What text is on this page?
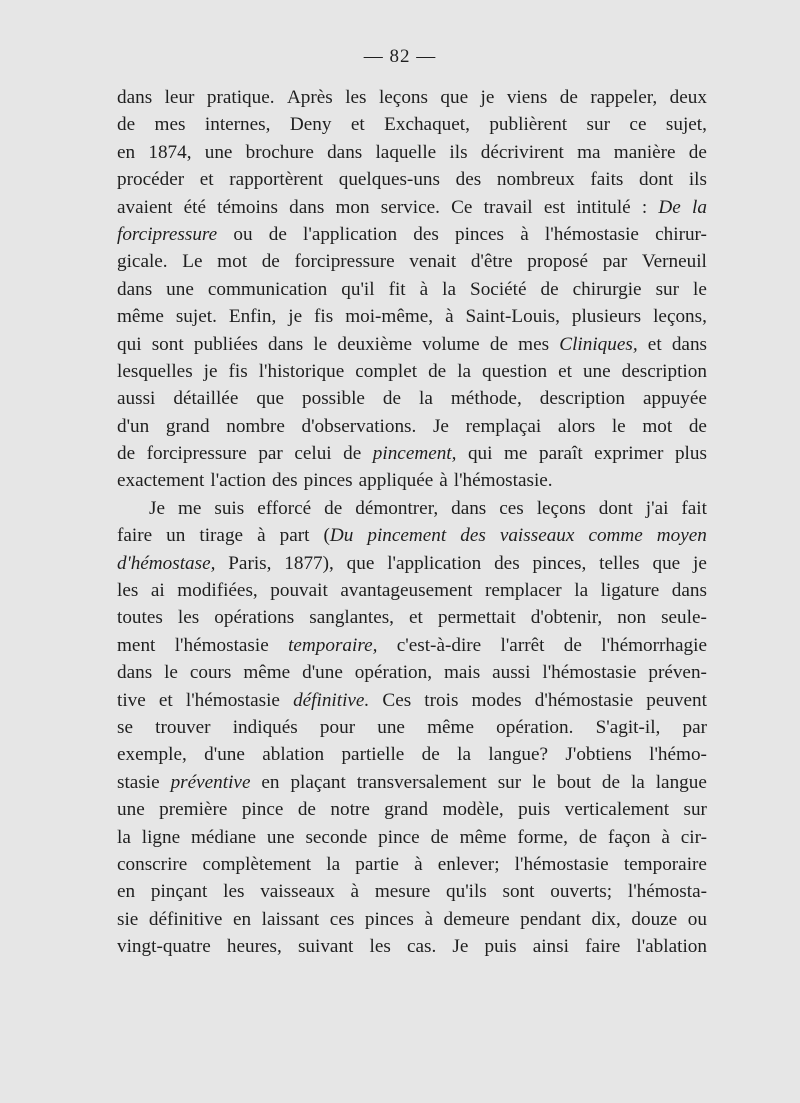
— 82 —
dans leur pratique. Après les leçons que je viens de rappeler, deux
de mes internes, Deny et Exchaquet, publièrent sur ce sujet,
en 1874, une brochure dans laquelle ils décrivirent ma manière de
procéder et rapportèrent quelques-uns des nombreux faits dont ils
avaient été témoins dans mon service. Ce travail est intitulé : De la
forcipressure ou de l'application des pinces à l'hémostasie chirur-
gicale. Le mot de forcipressure venait d'être proposé par Verneuil
dans une communication qu'il fit à la Société de chirurgie sur le
même sujet. Enfin, je fis moi-même, à Saint-Louis, plusieurs leçons,
qui sont publiées dans le deuxième volume de mes Cliniques, et dans
lesquelles je fis l'historique complet de la question et une description
aussi détaillée que possible de la méthode, description appuyée
d'un grand nombre d'observations. Je remplaçai alors le mot de
de forcipressure par celui de pincement, qui me paraît exprimer plus
exactement l'action des pinces appliquée à l'hémostasie.
Je me suis efforcé de démontrer, dans ces leçons dont j'ai fait
faire un tirage à part (Du pincement des vaisseaux comme moyen
d'hémostase, Paris, 1877), que l'application des pinces, telles que je
les ai modifiées, pouvait avantageusement remplacer la ligature dans
toutes les opérations sanglantes, et permettait d'obtenir, non seule-
ment l'hémostasie temporaire, c'est-à-dire l'arrêt de l'hémorrhagie
dans le cours même d'une opération, mais aussi l'hémostasie préven-
tive et l'hémostasie définitive. Ces trois modes d'hémostasie peuvent
se trouver indiqués pour une même opération. S'agit-il, par
exemple, d'une ablation partielle de la langue? J'obtiens l'hémo-
stasie préventive en plaçant transversalement sur le bout de la langue
une première pince de notre grand modèle, puis verticalement sur
la ligne médiane une seconde pince de même forme, de façon à cir-
conscrire complètement la partie à enlever; l'hémostasie temporaire
en pinçant les vaisseaux à mesure qu'ils sont ouverts; l'hémosta-
sie définitive en laissant ces pinces à demeure pendant dix, douze ou
vingt-quatre heures, suivant les cas. Je puis ainsi faire l'ablation
